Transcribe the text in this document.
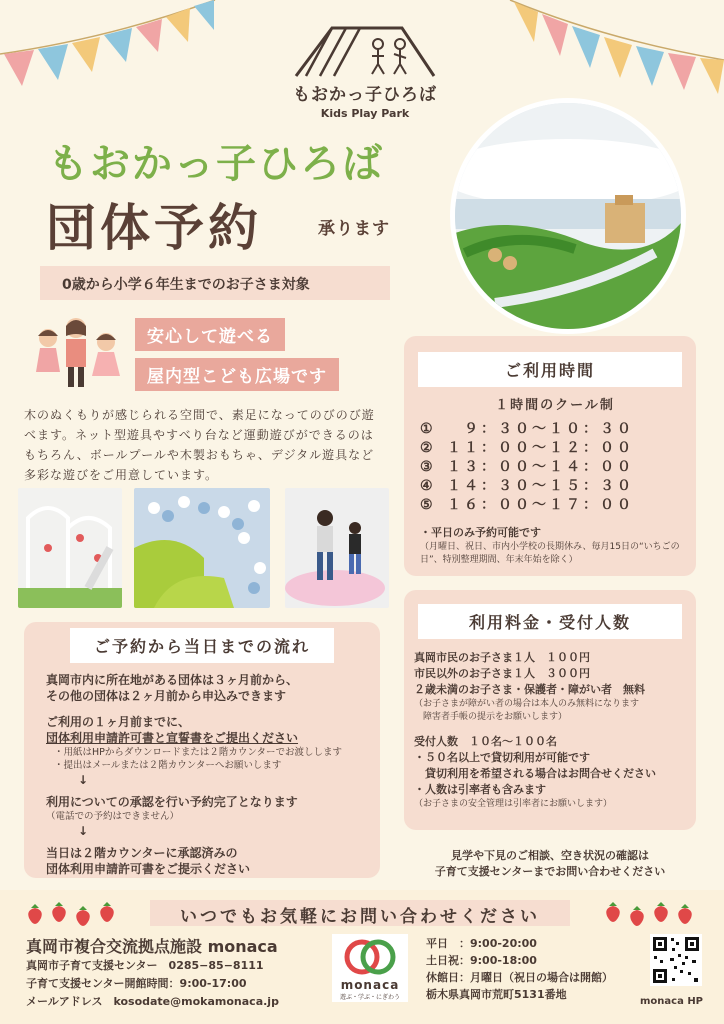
もおかっ子ひろば
Kids Play Park
もおかっ子ひろば
団体予約	承ります
0歳から小学６年生までのお子さま対象
安心して遊べる
屋内型こども広場です
木のぬくもりが感じられる空間で、素足になってのびのび遊べます。ネット型遊具やすべり台など運動遊びができるのはもちろん、ボールプールや木製おもちゃ、デジタル遊具など多彩な遊びをご用意しています。
ご予約から当日までの流れ
真岡市内に所在地がある団体は３ヶ月前から、
その他の団体は２ヶ月前から申込みできます
ご利用の１ヶ月前までに、
団体利用申請許可書と宣誓書をご提出ください
・用紙はHPからダウンロードまたは２階カウンターでお渡しします
・提出はメールまたは２階カウンターへお願いします
↓
利用についての承認を行い予約完了となります
（電話での予約はできません）
↓
当日は２階カウンターに承認済みの
団体利用申請許可書をご提示ください
ご利用時間
１時間のクール制
① 　９：３０～１０：３０
② １１：００～１２：００
③ １３：００～１４：００
④ １４：３０～１５：３０
⑤ １６：００～１７：００
・平日のみ予約可能です
（月曜日、祝日、市内小学校の長期休み、毎月15日の“いちごの日”、特別整理期間、年末年始を除く）
利用料金・受付人数
真岡市民のお子さま１人　１００円
市民以外のお子さま１人　３００円
２歳未満のお子さま・保護者・障がい者　無料
（お子さまが障がい者の場合は本人のみ無料になります
　障害者手帳の提示をお願いします）
受付人数　１０名～１００名
・５０名以上で貸切利用が可能です
　貸切利用を希望される場合はお問合せください
・人数は引率者も含みます
（お子さまの安全管理は引率者にお願いします）
見学や下見のご相談、空き状況の確認は
子育て支援センターまでお問い合わせください
いつでもお気軽にお問い合わせください
真岡市複合交流拠点施設 monaca
真岡市子育て支援センター　0285−85−8111
子育て支援センター開館時間：9:00-17:00
メールアドレス　kosodate@mokamonaca.jp
monaca
遊ぶ・学ぶ・にぎわう
平日　：9:00-20:00
土日祝：9:00-18:00
休館日：月曜日（祝日の場合は開館）
栃木県真岡市荒町5131番地
monaca HP
